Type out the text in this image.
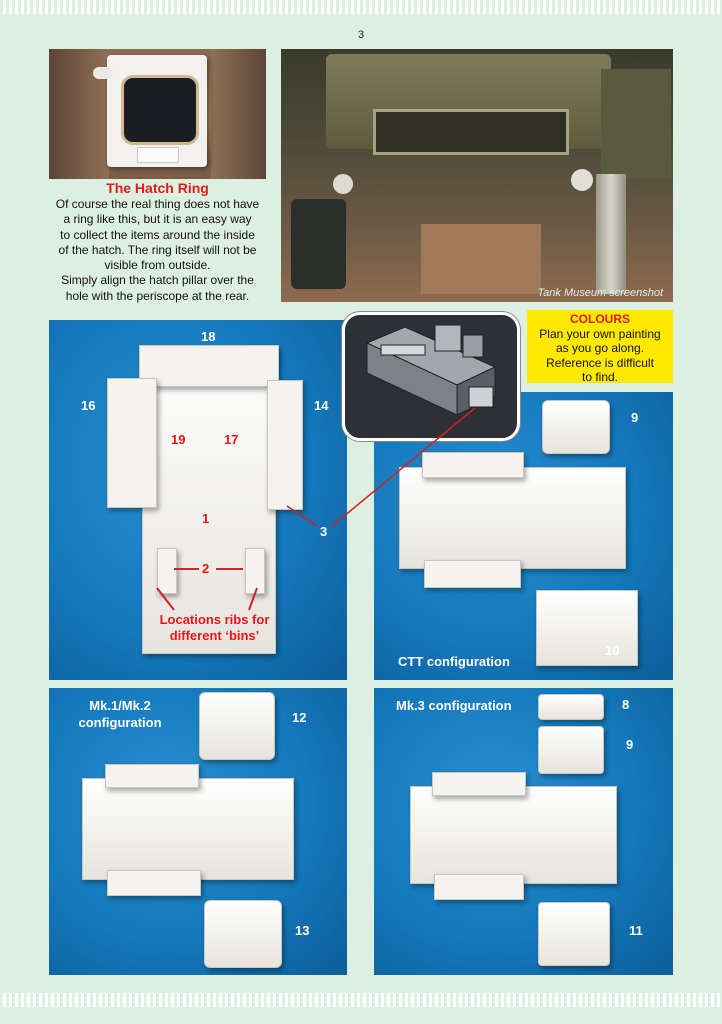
3
The Hatch Ring
Of course the real thing does not have
a ring like this, but it is an easy way
to collect the items around the inside
of the hatch. The ring itself will not be
visible from outside.
Simply align the hatch pillar over the
hole with the periscope at the rear.	Tank Museum screenshot
18
16	14
19	17
1
2
3
Locations ribs for
different ‘bins’
9
10
CTT configuration
COLOURS
Plan your own painting
as you go along.
Reference is difficult
to find.
12
13
Mk.1/Mk.2
configuration
8
9
11
Mk.3 configuration
